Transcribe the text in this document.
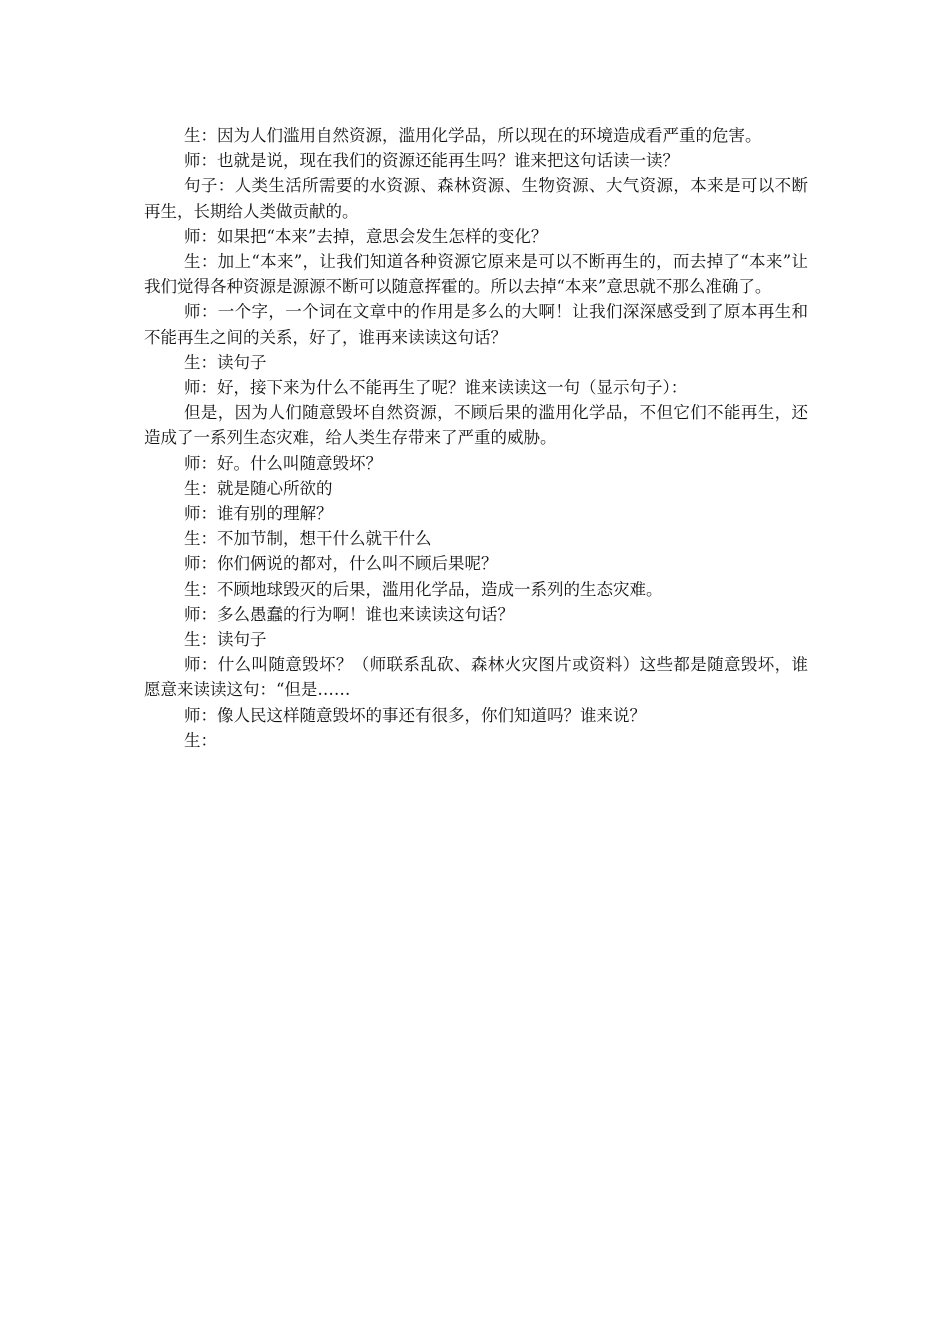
生：因为人们滥用自然资源，滥用化学品，所以现在的环境造成看严重的危害。

师：也就是说，现在我们的资源还能再生吗？谁来把这句话读一读？

句子：人类生活所需要的水资源、森林资源、生物资源、大气资源，本来是可以不断再生，长期给人类做贡献的。

师：如果把“本来”去掉，意思会发生怎样的变化？

生：加上“本来”，让我们知道各种资源它原来是可以不断再生的，而去掉了“本来”让我们觉得各种资源是源源不断可以随意挥霍的。所以去掉“本来”意思就不那么准确了。

师：一个字，一个词在文章中的作用是多么的大啊！让我们深深感受到了原本再生和不能再生之间的关系，好了，谁再来读读这句话？

生：读句子

师：好，接下来为什么不能再生了呢？谁来读读这一句（显示句子）：

但是，因为人们随意毁坏自然资源，不顾后果的滥用化学品，不但它们不能再生，还造成了一系列生态灾难，给人类生存带来了严重的威胁。

师：好。什么叫随意毁坏？

生：就是随心所欲的

师：谁有别的理解？

生：不加节制，想干什么就干什么

师：你们俩说的都对，什么叫不顾后果呢？

生：不顾地球毁灭的后果，滥用化学品，造成一系列的生态灾难。

师：多么愚蠢的行为啊！谁也来读读这句话？

生：读句子

师：什么叫随意毁坏？（师联系乱砍、森林火灾图片或资料）这些都是随意毁坏，谁愿意来读读这句：“但是……

师：像人民这样随意毁坏的事还有很多，你们知道吗？谁来说？

生：
